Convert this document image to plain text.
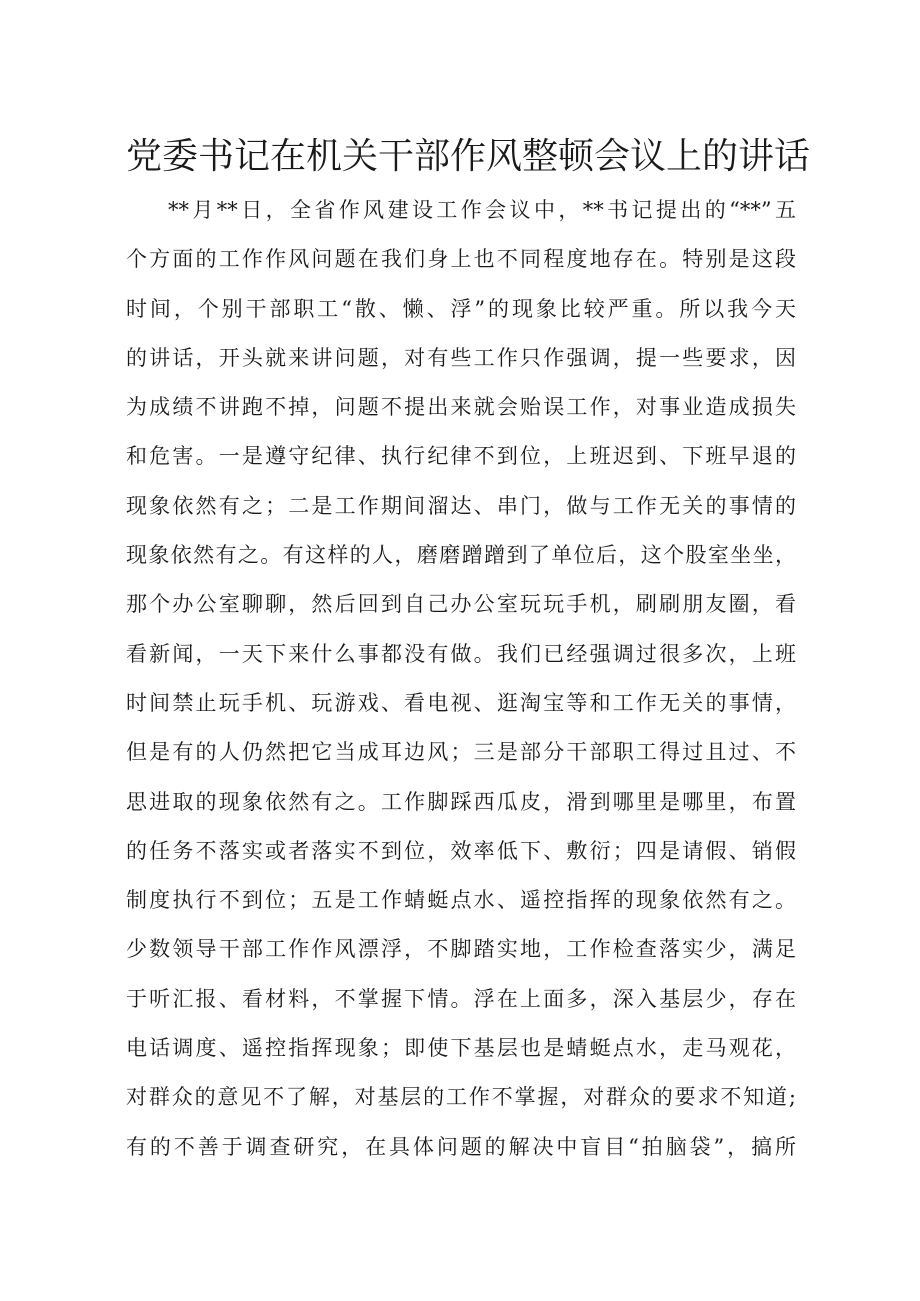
党委书记在机关干部作风整顿会议上的讲话
**月**日，全省作风建设工作会议中，**书记提出的“**”五
个方面的工作作风问题在我们身上也不同程度地存在。特别是这段
时间，个别干部职工“散、懒、浮”的现象比较严重。所以我今天
的讲话，开头就来讲问题，对有些工作只作强调，提一些要求，因
为成绩不讲跑不掉，问题不提出来就会贻误工作，对事业造成损失
和危害。一是遵守纪律、执行纪律不到位，上班迟到、下班早退的
现象依然有之；二是工作期间溜达、串门，做与工作无关的事情的
现象依然有之。有这样的人，磨磨蹭蹭到了单位后，这个股室坐坐，
那个办公室聊聊，然后回到自己办公室玩玩手机，刷刷朋友圈，看
看新闻，一天下来什么事都没有做。我们已经强调过很多次，上班
时间禁止玩手机、玩游戏、看电视、逛淘宝等和工作无关的事情，
但是有的人仍然把它当成耳边风；三是部分干部职工得过且过、不
思进取的现象依然有之。工作脚踩西瓜皮，滑到哪里是哪里，布置
的任务不落实或者落实不到位，效率低下、敷衍；四是请假、销假
制度执行不到位；五是工作蜻蜓点水、遥控指挥的现象依然有之。
少数领导干部工作作风漂浮，不脚踏实地，工作检查落实少，满足
于听汇报、看材料，不掌握下情。浮在上面多，深入基层少，存在
电话调度、遥控指挥现象；即使下基层也是蜻蜓点水，走马观花，
对群众的意见不了解，对基层的工作不掌握，对群众的要求不知道;
有的不善于调查研究，在具体问题的解决中盲目“拍脑袋”，搞所
